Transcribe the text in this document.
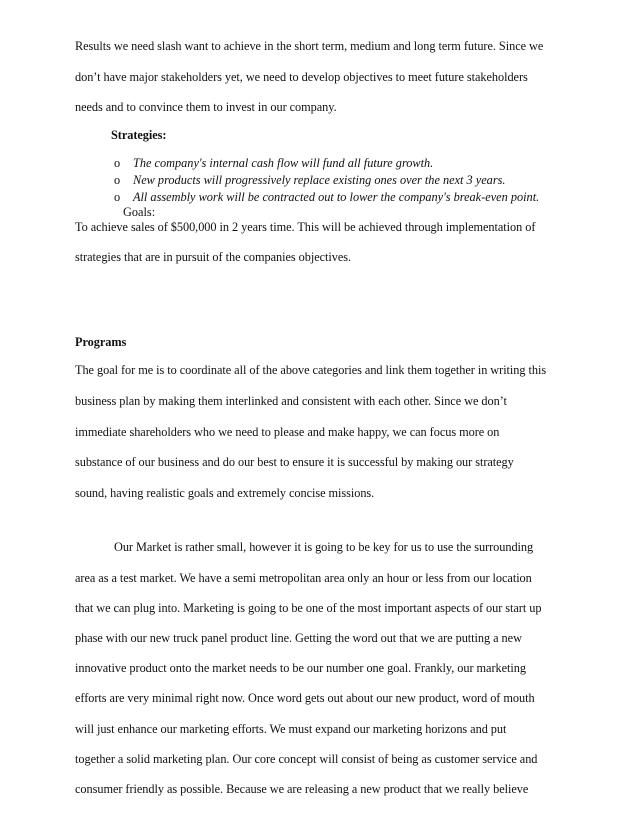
Results we need slash want to achieve in the short term, medium and long term future. Since we
don’t have major stakeholders yet, we need to develop objectives to meet future stakeholders
needs and to convince them to invest in our company.
Strategies:
o The company's internal cash flow will fund all future growth.
o New products will progressively replace existing ones over the next 3 years.
o All assembly work will be contracted out to lower the company's break-even point.
Goals:
To achieve sales of $500,000 in 2 years time. This will be achieved through implementation of
strategies that are in pursuit of the companies objectives.
Programs
The goal for me is to coordinate all of the above categories and link them together in writing this
business plan by making them interlinked and consistent with each other. Since we don’t
immediate shareholders who we need to please and make happy, we can focus more on
substance of our business and do our best to ensure it is successful by making our strategy
sound, having realistic goals and extremely concise missions.
Our Market is rather small, however it is going to be key for us to use the surrounding
area as a test market. We have a semi metropolitan area only an hour or less from our location
that we can plug into. Marketing is going to be one of the most important aspects of our start up
phase with our new truck panel product line. Getting the word out that we are putting a new
innovative product onto the market needs to be our number one goal. Frankly, our marketing
efforts are very minimal right now. Once word gets out about our new product, word of mouth
will just enhance our marketing efforts. We must expand our marketing horizons and put
together a solid marketing plan. Our core concept will consist of being as customer service and
consumer friendly as possible. Because we are releasing a new product that we really believe
